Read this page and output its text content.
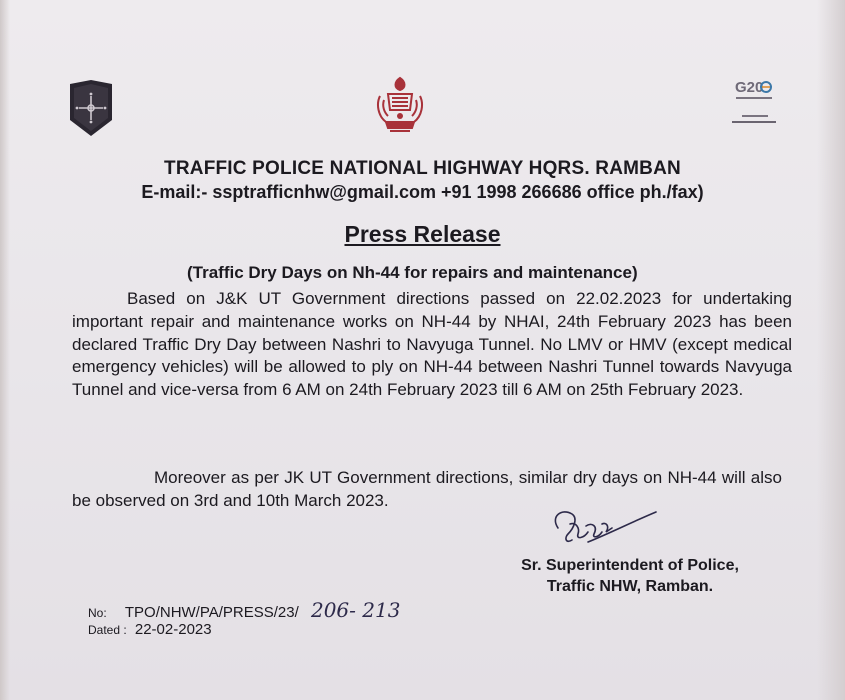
G20
TRAFFIC POLICE NATIONAL HIGHWAY HQRS. RAMBAN
E-mail:- ssptrafficnhw@gmail.com +91 1998 266686 office ph./fax)
Press Release
(Traffic Dry Days on Nh-44 for repairs and maintenance)
Based on J&K UT Government directions passed on 22.02.2023 for undertaking important repair and maintenance works on NH-44 by NHAI, 24th February 2023 has been declared Traffic Dry Day between Nashri to Navyuga Tunnel. No LMV or HMV (except medical emergency vehicles) will be allowed to ply on NH-44 between Nashri Tunnel towards Navyuga Tunnel and vice-versa from 6 AM on 24th February 2023 till 6 AM on 25th February 2023.
Moreover as per JK UT Government directions, similar dry days on NH-44 will also be observed on 3rd and 10th March 2023.
Sr. Superintendent of Police,
Traffic NHW, Ramban.
No: TPO/NHW/PA/PRESS/23/ 206- 213
Dated : 22-02-2023
